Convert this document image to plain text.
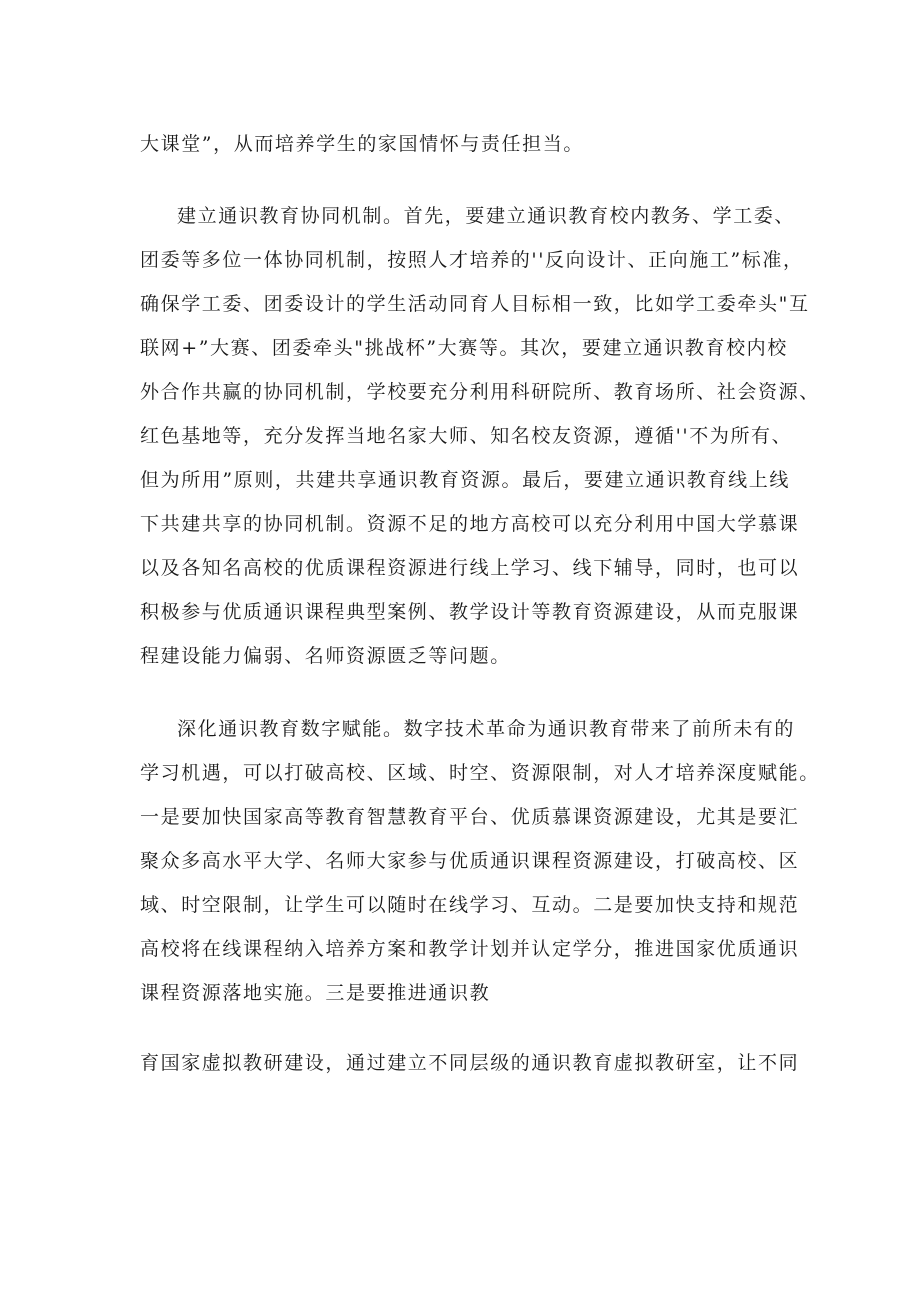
大课堂”，从而培养学生的家国情怀与责任担当。
建立通识教育协同机制。首先，要建立通识教育校内教务、学工委、
团委等多位一体协同机制，按照人才培养的''反向设计、正向施工”标准，
确保学工委、团委设计的学生活动同育人目标相一致，比如学工委牵头"互
联网+”大赛、团委牵头"挑战杯”大赛等。其次，要建立通识教育校内校
外合作共赢的协同机制，学校要充分利用科研院所、教育场所、社会资源、
红色基地等，充分发挥当地名家大师、知名校友资源，遵循''不为所有、
但为所用”原则，共建共享通识教育资源。最后，要建立通识教育线上线
下共建共享的协同机制。资源不足的地方高校可以充分利用中国大学慕课
以及各知名高校的优质课程资源进行线上学习、线下辅导，同时，也可以
积极参与优质通识课程典型案例、教学设计等教育资源建设，从而克服课
程建设能力偏弱、名师资源匮乏等问题。
深化通识教育数字赋能。数字技术革命为通识教育带来了前所未有的
学习机遇，可以打破高校、区域、时空、资源限制，对人才培养深度赋能。
一是要加快国家高等教育智慧教育平台、优质慕课资源建设，尤其是要汇
聚众多高水平大学、名师大家参与优质通识课程资源建设，打破高校、区
域、时空限制，让学生可以随时在线学习、互动。二是要加快支持和规范
高校将在线课程纳入培养方案和教学计划并认定学分，推进国家优质通识
课程资源落地实施。三是要推进通识教
育国家虚拟教研建设，通过建立不同层级的通识教育虚拟教研室，让不同
